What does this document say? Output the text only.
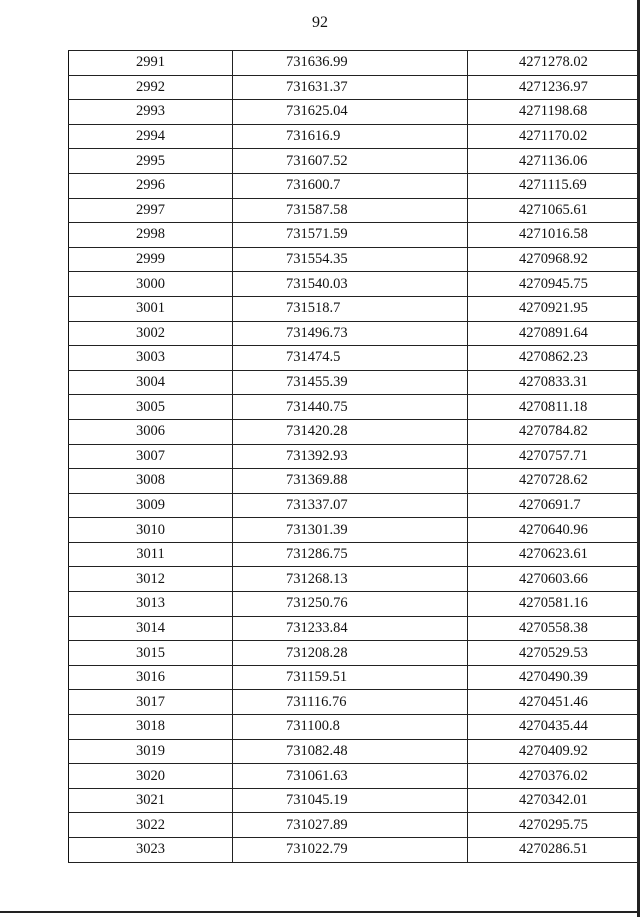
92
2991	731636.99	4271278.02
2992	731631.37	4271236.97
2993	731625.04	4271198.68
2994	731616.9	4271170.02
2995	731607.52	4271136.06
2996	731600.7	4271115.69
2997	731587.58	4271065.61
2998	731571.59	4271016.58
2999	731554.35	4270968.92
3000	731540.03	4270945.75
3001	731518.7	4270921.95
3002	731496.73	4270891.64
3003	731474.5	4270862.23
3004	731455.39	4270833.31
3005	731440.75	4270811.18
3006	731420.28	4270784.82
3007	731392.93	4270757.71
3008	731369.88	4270728.62
3009	731337.07	4270691.7
3010	731301.39	4270640.96
3011	731286.75	4270623.61
3012	731268.13	4270603.66
3013	731250.76	4270581.16
3014	731233.84	4270558.38
3015	731208.28	4270529.53
3016	731159.51	4270490.39
3017	731116.76	4270451.46
3018	731100.8	4270435.44
3019	731082.48	4270409.92
3020	731061.63	4270376.02
3021	731045.19	4270342.01
3022	731027.89	4270295.75
3023	731022.79	4270286.51
